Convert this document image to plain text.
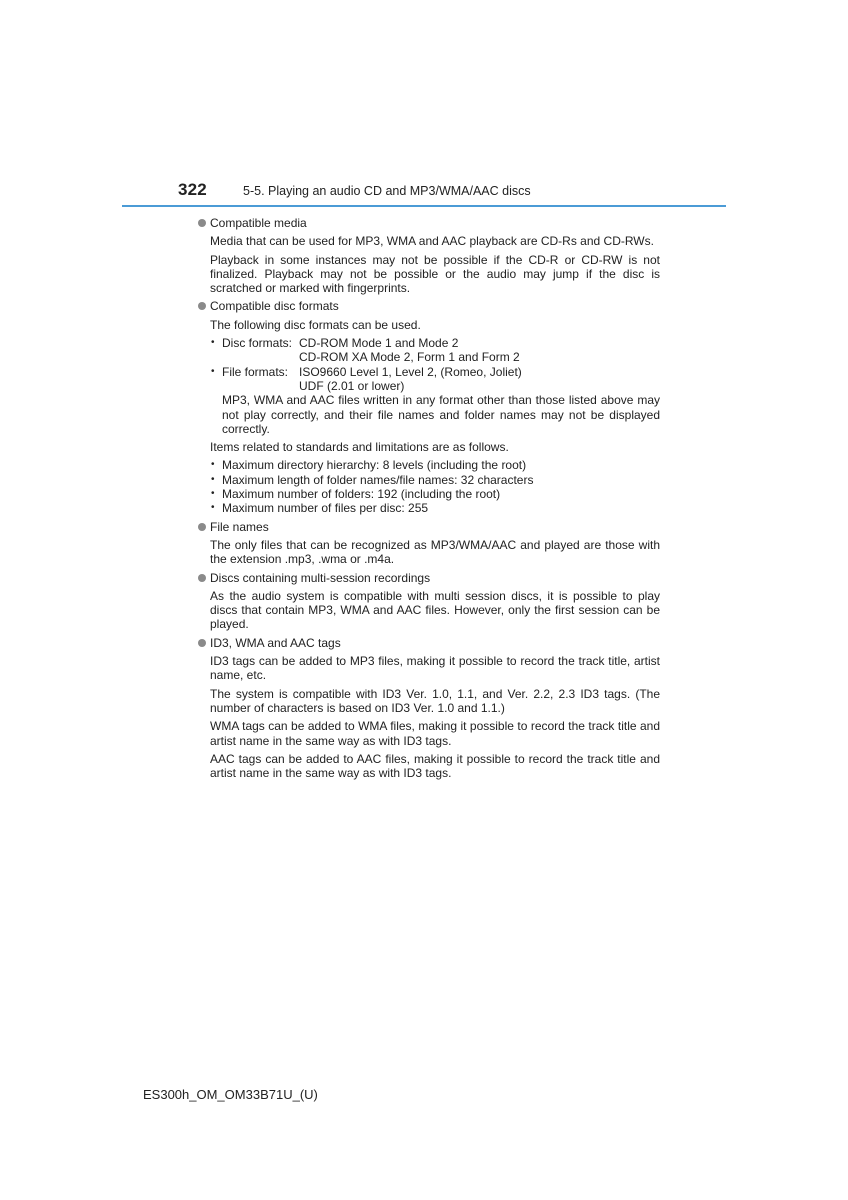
322	5-5. Playing an audio CD and MP3/WMA/AAC discs
Compatible media

Media that can be used for MP3, WMA and AAC playback are CD-Rs and CD-RWs.

Playback in some instances may not be possible if the CD-R or CD-RW is not finalized. Playback may not be possible or the audio may jump if the disc is scratched or marked with fingerprints.

Compatible disc formats

The following disc formats can be used.

• Disc formats: CD-ROM Mode 1 and Mode 2
CD-ROM XA Mode 2, Form 1 and Form 2
• File formats: ISO9660 Level 1, Level 2, (Romeo, Joliet)
UDF (2.01 or lower)

MP3, WMA and AAC files written in any format other than those listed above may not play correctly, and their file names and folder names may not be displayed correctly.

Items related to standards and limitations are as follows.

• Maximum directory hierarchy: 8 levels (including the root)
• Maximum length of folder names/file names: 32 characters
• Maximum number of folders: 192 (including the root)
• Maximum number of files per disc: 255
File names

The only files that can be recognized as MP3/WMA/AAC and played are those with the extension .mp3, .wma or .m4a.

Discs containing multi-session recordings

As the audio system is compatible with multi session discs, it is possible to play discs that contain MP3, WMA and AAC files. However, only the first session can be played.

ID3, WMA and AAC tags

ID3 tags can be added to MP3 files, making it possible to record the track title, artist name, etc.

The system is compatible with ID3 Ver. 1.0, 1.1, and Ver. 2.2, 2.3 ID3 tags. (The number of characters is based on ID3 Ver. 1.0 and 1.1.)

WMA tags can be added to WMA files, making it possible to record the track title and artist name in the same way as with ID3 tags.

AAC tags can be added to AAC files, making it possible to record the track title and artist name in the same way as with ID3 tags.

ES300h_OM_OM33B71U_(U)
